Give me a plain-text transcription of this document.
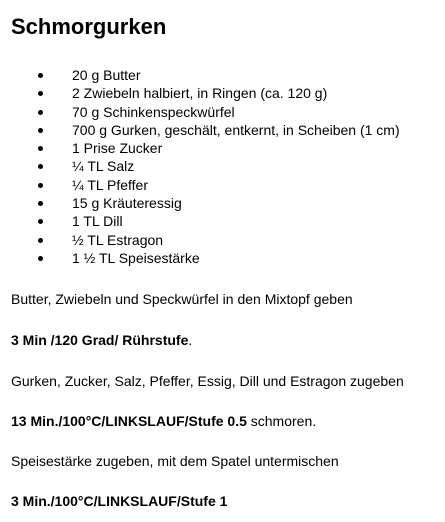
Schmorgurken
20 g Butter
2 Zwiebeln halbiert, in Ringen (ca. 120 g)
70 g Schinkenspeckwürfel
700 g Gurken, geschält, entkernt, in Scheiben (1 cm)
1 Prise Zucker
¼ TL Salz
¼ TL Pfeffer
15 g Kräuteressig
1 TL Dill
½ TL Estragon
1 ½ TL Speisestärke

Butter, Zwiebeln und Speckwürfel in den Mixtopf geben

3 Min /120 Grad/ Rührstufe.

Gurken, Zucker, Salz, Pfeffer, Essig, Dill und Estragon zugeben

13 Min./100°C/LINKSLAUF/Stufe 0.5 schmoren.

Speisestärke zugeben, mit dem Spatel untermischen

3 Min./100°C/LINKSLAUF/Stufe 1
